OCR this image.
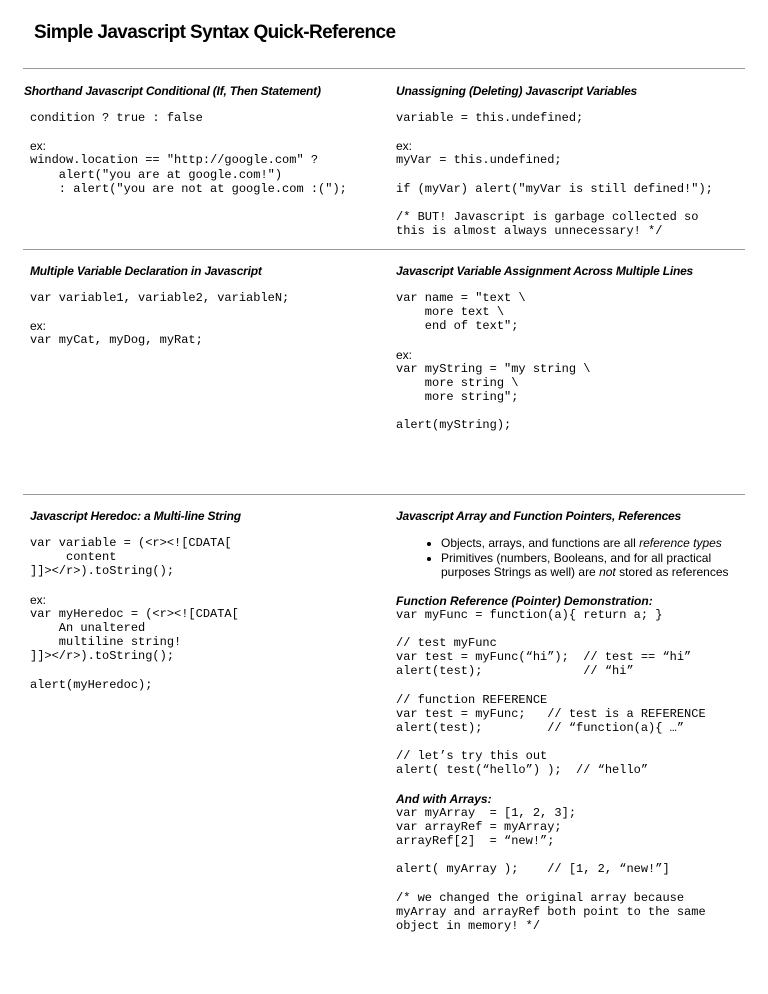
Simple Javascript Syntax Quick-Reference
Shorthand Javascript Conditional (If, Then Statement)
condition ? true : false
ex:
window.location == "http://google.com" ?
alert("you are at google.com!")
: alert("you are not at google.com :(");
Unassigning (Deleting) Javascript Variables
variable = this.undefined;
ex:
myVar = this.undefined;
if (myVar) alert("myVar is still defined!");
/* BUT! Javascript is garbage collected so
this is almost always unnecessary! */
Multiple Variable Declaration in Javascript
var variable1, variable2, variableN;
ex:
var myCat, myDog, myRat;
Javascript Variable Assignment Across Multiple Lines
var name = "text \
more text \
end of text";
ex:
var myString = "my string \
more string \
more string";
alert(myString);
Javascript Heredoc: a Multi-line String
var variable = (<r><![CDATA[
content
]]></r>).toString();
ex:
var myHeredoc = (<r><![CDATA[
An unaltered
multiline string!
]]></r>).toString();
alert(myHeredoc);
Javascript Array and Function Pointers, References
• Objects, arrays, and functions are all reference types
• Primitives (numbers, Booleans, and for all practical purposes Strings as well) are not stored as references
Function Reference (Pointer) Demonstration:
var myFunc = function(a){ return a; }
// test myFunc
var test = myFunc(“hi”);  // test == “hi”
alert(test);              // “hi”
// function REFERENCE
var test = myFunc;   // test is a REFERENCE
alert(test);         // “function(a){ …”
// let’s try this out
alert( test(“hello”) );  // “hello”
And with Arrays:
var myArray  = [1, 2, 3];
var arrayRef = myArray;
arrayRef[2]  = “new!”;
alert( myArray );    // [1, 2, “new!”]
/* we changed the original array because
myArray and arrayRef both point to the same
object in memory! */
